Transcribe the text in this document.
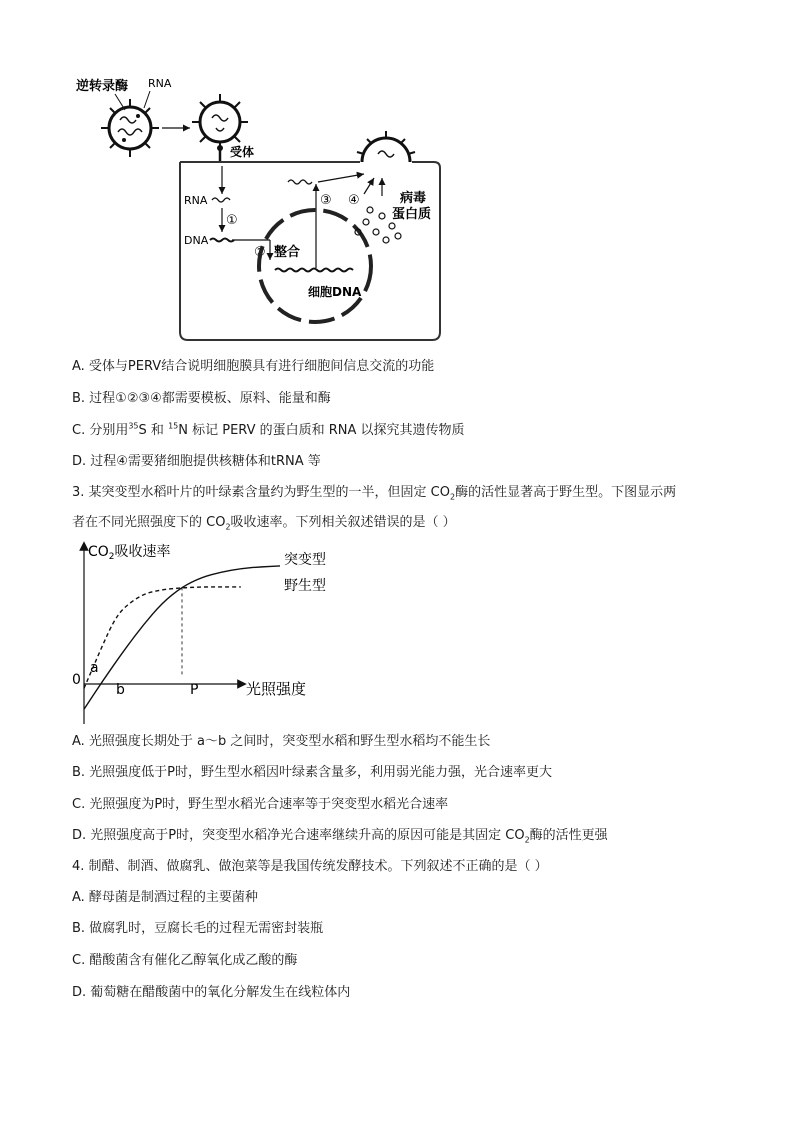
逆转录酶 RNA
受体
RNA
①
DNA
② 整合
细胞DNA
③ ④	病毒
蛋白质
A. 受体与PERV结合说明细胞膜具有进行细胞间信息交流的功能
B. 过程①②③④都需要模板、原料、能量和酶
C. 分别用$^{35}$S 和 $^{15}$N 标记 PERV 的蛋白质和 RNA 以探究其遗传物质
D. 过程④需要猪细胞提供核糖体和tRNA 等
3. 某突变型水稻叶片的叶绿素含量约为野生型的一半，但固定 $CO_2$酶的活性显著高于野生型。下图显示两
者在不同光照强度下的 $CO_2$吸收速率。下列相关叙述错误的是（ ）
$CO_2$吸收速率
光照强度
0
a
b	P
突变型
野生型
A. 光照强度长期处于 a～b 之间时，突变型水稻和野生型水稻均不能生长
B. 光照强度低于P时，野生型水稻因叶绿素含量多，利用弱光能力强，光合速率更大
C. 光照强度为P时，野生型水稻光合速率等于突变型水稻光合速率
D. 光照强度高于P时，突变型水稻净光合速率继续升高的原因可能是其固定 $CO_2$酶的活性更强
4. 制醋、制酒、做腐乳、做泡菜等是我国传统发酵技术。下列叙述不正确的是（ ）
A. 酵母菌是制酒过程的主要菌种
B. 做腐乳时，豆腐长毛的过程无需密封装瓶
C. 醋酸菌含有催化乙醇氧化成乙酸的酶
D. 葡萄糖在醋酸菌中的氧化分解发生在线粒体内
